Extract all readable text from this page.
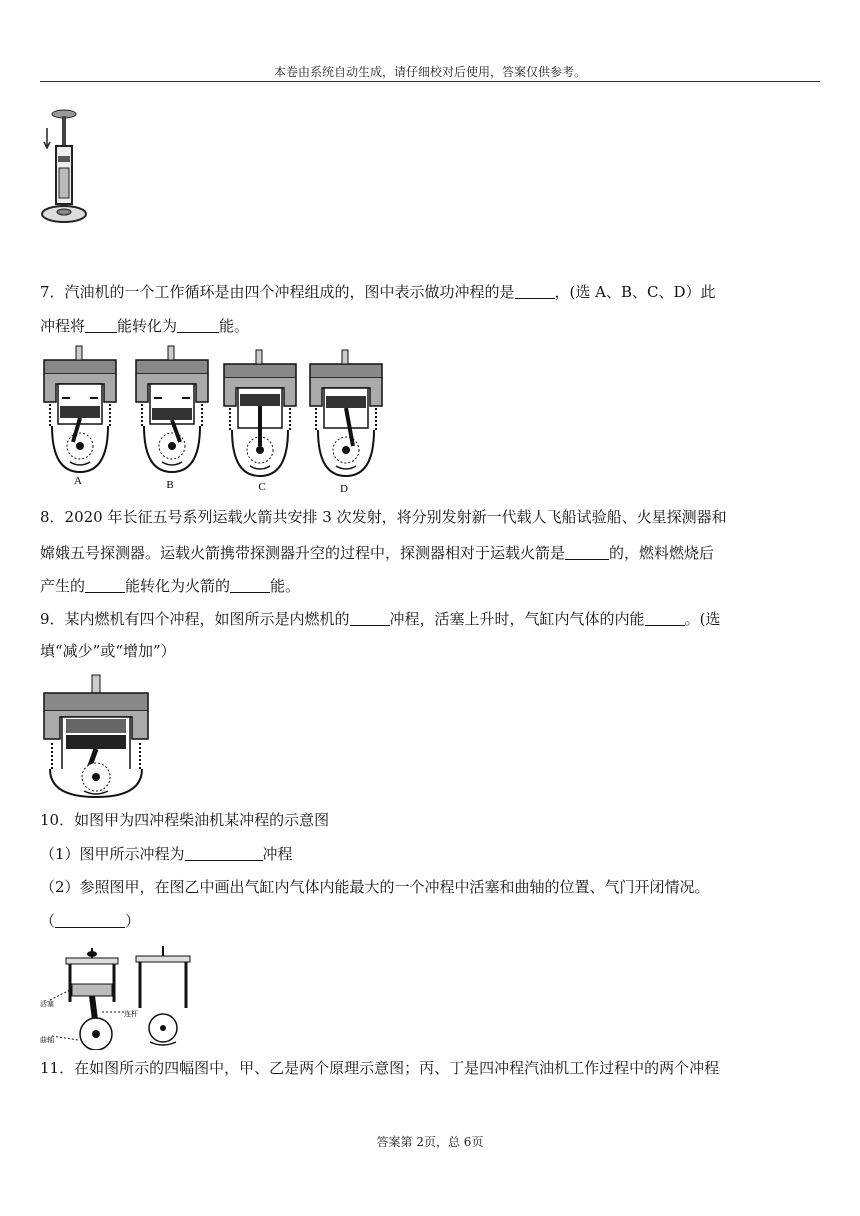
本卷由系统自动生成，请仔细校对后使用，答案仅供参考。
7．汽油机的一个工作循环是由四个冲程组成的，图中表示做功冲程的是	，(选 A、B、C、D）此
冲程将 能转化为	能。
A	B	C	D
8．2020 年长征五号系列运载火箭共安排 3 次发射，将分别发射新一代载人飞船试验船、火星探测器和
嫦娥五号探测器。运载火箭携带探测器升空的过程中，探测器相对于运载火箭是	的，燃料燃烧后
产生的	能转化为火箭的	能。
9．某内燃机有四个冲程，如图所示是内燃机的	冲程，活塞上升时，气缸内气体的内能	。(选
填“减少”或“增加”）
10．如图甲为四冲程柴油机某冲程的示意图
（1）图甲所示冲程为	冲程
（2）参照图甲，在图乙中画出气缸内气体内能最大的一个冲程中活塞和曲轴的位置、气门开闭情况。
（	）
活塞
连杆
曲轴
11．在如图所示的四幅图中，甲、乙是两个原理示意图；丙、丁是四冲程汽油机工作过程中的两个冲程
答案第 2页，总 6页
